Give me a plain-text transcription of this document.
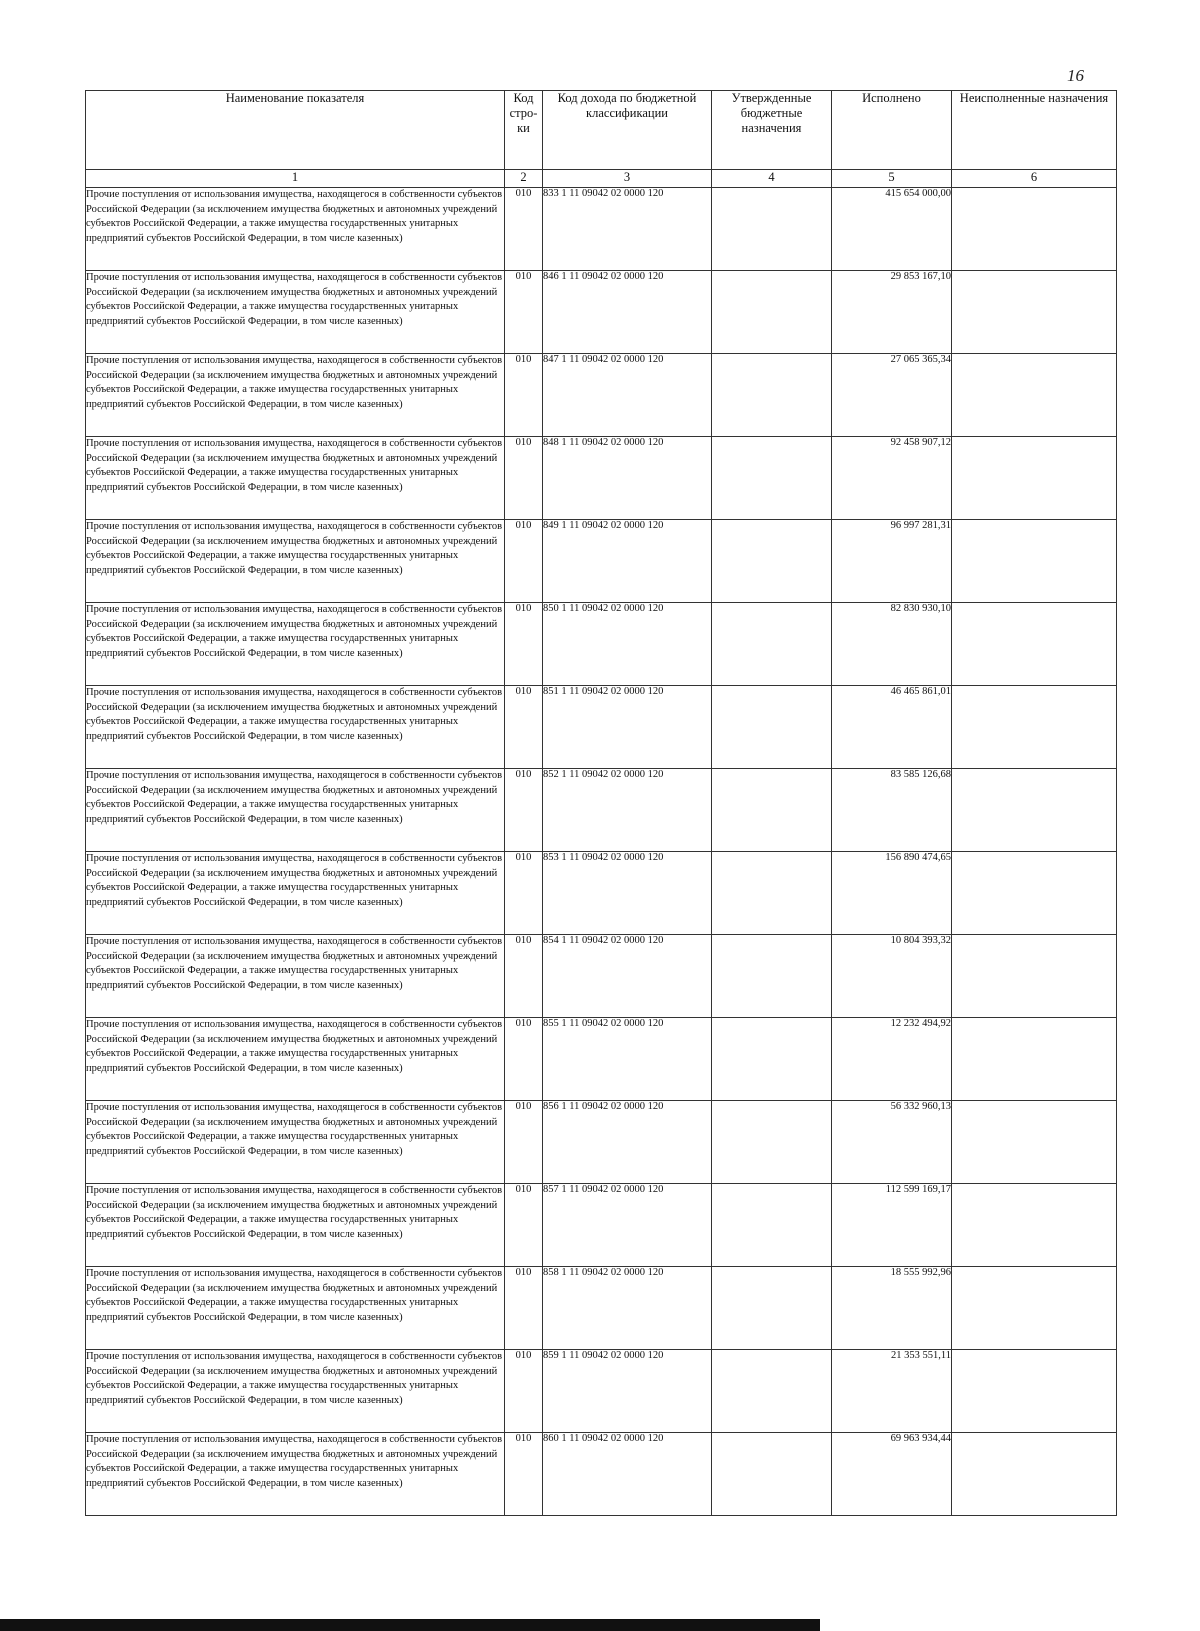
16
Наименование показателя	Код стро-ки	Код дохода по бюджетной классификации	Утвержденные бюджетные назначения	Исполнено	Неисполненные назначения
1	2	3	4	5	6
Прочие поступления от использования имущества, находящегося в собственности субъектов Российской Федерации (за исключением имущества бюджетных и автономных учреждений субъектов Российской Федерации, а также имущества государственных унитарных предприятий субъектов Российской Федерации, в том числе казенных)	010	833 1 11 09042 02 0000 120		415 654 000,00	
Прочие поступления от использования имущества, находящегося в собственности субъектов Российской Федерации (за исключением имущества бюджетных и автономных учреждений субъектов Российской Федерации, а также имущества государственных унитарных предприятий субъектов Российской Федерации, в том числе казенных)	010	846 1 11 09042 02 0000 120		29 853 167,10	
Прочие поступления от использования имущества, находящегося в собственности субъектов Российской Федерации (за исключением имущества бюджетных и автономных учреждений субъектов Российской Федерации, а также имущества государственных унитарных предприятий субъектов Российской Федерации, в том числе казенных)	010	847 1 11 09042 02 0000 120		27 065 365,34	
Прочие поступления от использования имущества, находящегося в собственности субъектов Российской Федерации (за исключением имущества бюджетных и автономных учреждений субъектов Российской Федерации, а также имущества государственных унитарных предприятий субъектов Российской Федерации, в том числе казенных)	010	848 1 11 09042 02 0000 120		92 458 907,12	
Прочие поступления от использования имущества, находящегося в собственности субъектов Российской Федерации (за исключением имущества бюджетных и автономных учреждений субъектов Российской Федерации, а также имущества государственных унитарных предприятий субъектов Российской Федерации, в том числе казенных)	010	849 1 11 09042 02 0000 120		96 997 281,31	
Прочие поступления от использования имущества, находящегося в собственности субъектов Российской Федерации (за исключением имущества бюджетных и автономных учреждений субъектов Российской Федерации, а также имущества государственных унитарных предприятий субъектов Российской Федерации, в том числе казенных)	010	850 1 11 09042 02 0000 120		82 830 930,10	
Прочие поступления от использования имущества, находящегося в собственности субъектов Российской Федерации (за исключением имущества бюджетных и автономных учреждений субъектов Российской Федерации, а также имущества государственных унитарных предприятий субъектов Российской Федерации, в том числе казенных)	010	851 1 11 09042 02 0000 120		46 465 861,01	
Прочие поступления от использования имущества, находящегося в собственности субъектов Российской Федерации (за исключением имущества бюджетных и автономных учреждений субъектов Российской Федерации, а также имущества государственных унитарных предприятий субъектов Российской Федерации, в том числе казенных)	010	852 1 11 09042 02 0000 120		83 585 126,68	
Прочие поступления от использования имущества, находящегося в собственности субъектов Российской Федерации (за исключением имущества бюджетных и автономных учреждений субъектов Российской Федерации, а также имущества государственных унитарных предприятий субъектов Российской Федерации, в том числе казенных)	010	853 1 11 09042 02 0000 120		156 890 474,65	
Прочие поступления от использования имущества, находящегося в собственности субъектов Российской Федерации (за исключением имущества бюджетных и автономных учреждений субъектов Российской Федерации, а также имущества государственных унитарных предприятий субъектов Российской Федерации, в том числе казенных)	010	854 1 11 09042 02 0000 120		10 804 393,32	
Прочие поступления от использования имущества, находящегося в собственности субъектов Российской Федерации (за исключением имущества бюджетных и автономных учреждений субъектов Российской Федерации, а также имущества государственных унитарных предприятий субъектов Российской Федерации, в том числе казенных)	010	855 1 11 09042 02 0000 120		12 232 494,92	
Прочие поступления от использования имущества, находящегося в собственности субъектов Российской Федерации (за исключением имущества бюджетных и автономных учреждений субъектов Российской Федерации, а также имущества государственных унитарных предприятий субъектов Российской Федерации, в том числе казенных)	010	856 1 11 09042 02 0000 120		56 332 960,13	
Прочие поступления от использования имущества, находящегося в собственности субъектов Российской Федерации (за исключением имущества бюджетных и автономных учреждений субъектов Российской Федерации, а также имущества государственных унитарных предприятий субъектов Российской Федерации, в том числе казенных)	010	857 1 11 09042 02 0000 120		112 599 169,17	
Прочие поступления от использования имущества, находящегося в собственности субъектов Российской Федерации (за исключением имущества бюджетных и автономных учреждений субъектов Российской Федерации, а также имущества государственных унитарных предприятий субъектов Российской Федерации, в том числе казенных)	010	858 1 11 09042 02 0000 120		18 555 992,96	
Прочие поступления от использования имущества, находящегося в собственности субъектов Российской Федерации (за исключением имущества бюджетных и автономных учреждений субъектов Российской Федерации, а также имущества государственных унитарных предприятий субъектов Российской Федерации, в том числе казенных)	010	859 1 11 09042 02 0000 120		21 353 551,11	
Прочие поступления от использования имущества, находящегося в собственности субъектов Российской Федерации (за исключением имущества бюджетных и автономных учреждений субъектов Российской Федерации, а также имущества государственных унитарных предприятий субъектов Российской Федерации, в том числе казенных)	010	860 1 11 09042 02 0000 120		69 963 934,44	
